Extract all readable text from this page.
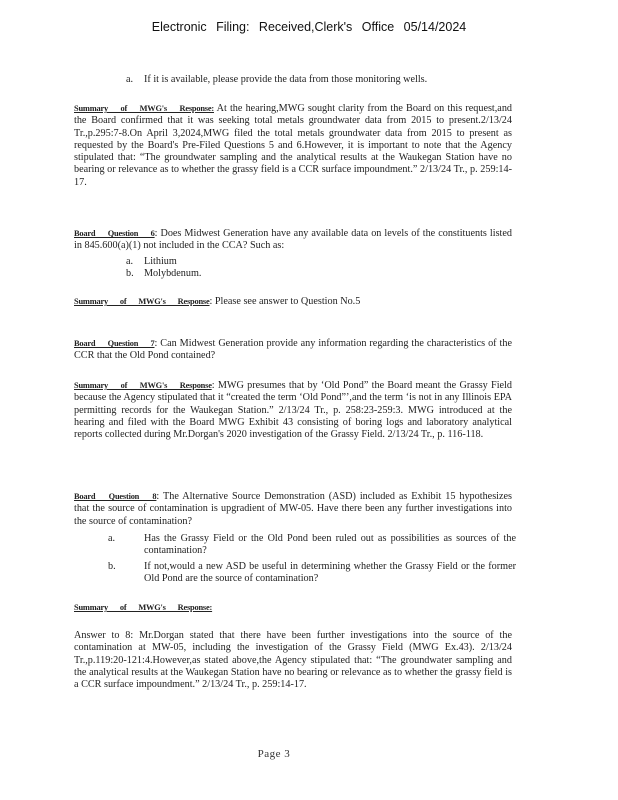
Electronic Filing: Received,Clerk's Office 05/14/2024
a. If it is available, please provide the data from those monitoring wells.
Summary of MWG's Response: At the hearing,MWG sought clarity from the Board on this request,and the Board confirmed that it was seeking total metals groundwater data from 2015 to present.2/13/24 Tr.,p.295:7-8.On April 3,2024,MWG filed the total metals groundwater data from 2015 to present as requested by the Board's Pre-Filed Questions 5 and 6.However, it is important to note that the Agency stipulated that: “The groundwater sampling and the analytical results at the Waukegan Station have no bearing or relevance as to whether the grassy field is a CCR surface impoundment.” 2/13/24 Tr., p. 259:14-17.
Board Question 6: Does Midwest Generation have any available data on levels of the constituents listed in 845.600(a)(1) not included in the CCA? Such as:
a. Lithium
b. Molybdenum.
Summary of MWG's Response: Please see answer to Question No.5
Board Question 7: Can Midwest Generation provide any information regarding the characteristics of the CCR that the Old Pond contained?
Summary of MWG's Response: MWG presumes that by ‘Old Pond” the Board meant the Grassy Field because the Agency stipulated that it “created the term ‘Old Pond”’,and the term ‘is not in any Illinois EPA permitting records for the Waukegan Station.” 2/13/24 Tr., p. 258:23-259:3. MWG introduced at the hearing and filed with the Board MWG Exhibit 43 consisting of boring logs and laboratory analytical reports collected during Mr.Dorgan's 2020 investigation of the Grassy Field. 2/13/24 Tr., p. 116-118.
Board Question 8: The Alternative Source Demonstration (ASD) included as Exhibit 15 hypothesizes that the source of contamination is upgradient of MW-05. Have there been any further investigations into the source of contamination?
a.	Has the Grassy Field or the Old Pond been ruled out as possibilities as sources of the contamination?
b.	If not,would a new ASD be useful in determining whether the Grassy Field or the former Old Pond are the source of contamination?
Summary of MWG's Response:
Answer to 8: Mr.Dorgan stated that there have been further investigations into the source of the contamination at MW-05, including the investigation of the Grassy Field (MWG Ex.43). 2/13/24 Tr.,p.119:20-121:4.However,as stated above,the Agency stipulated that: “The groundwater sampling and the analytical results at the Waukegan Station have no bearing or relevance as to whether the grassy field is a CCR surface impoundment.” 2/13/24 Tr., p. 259:14-17.
Page 3
